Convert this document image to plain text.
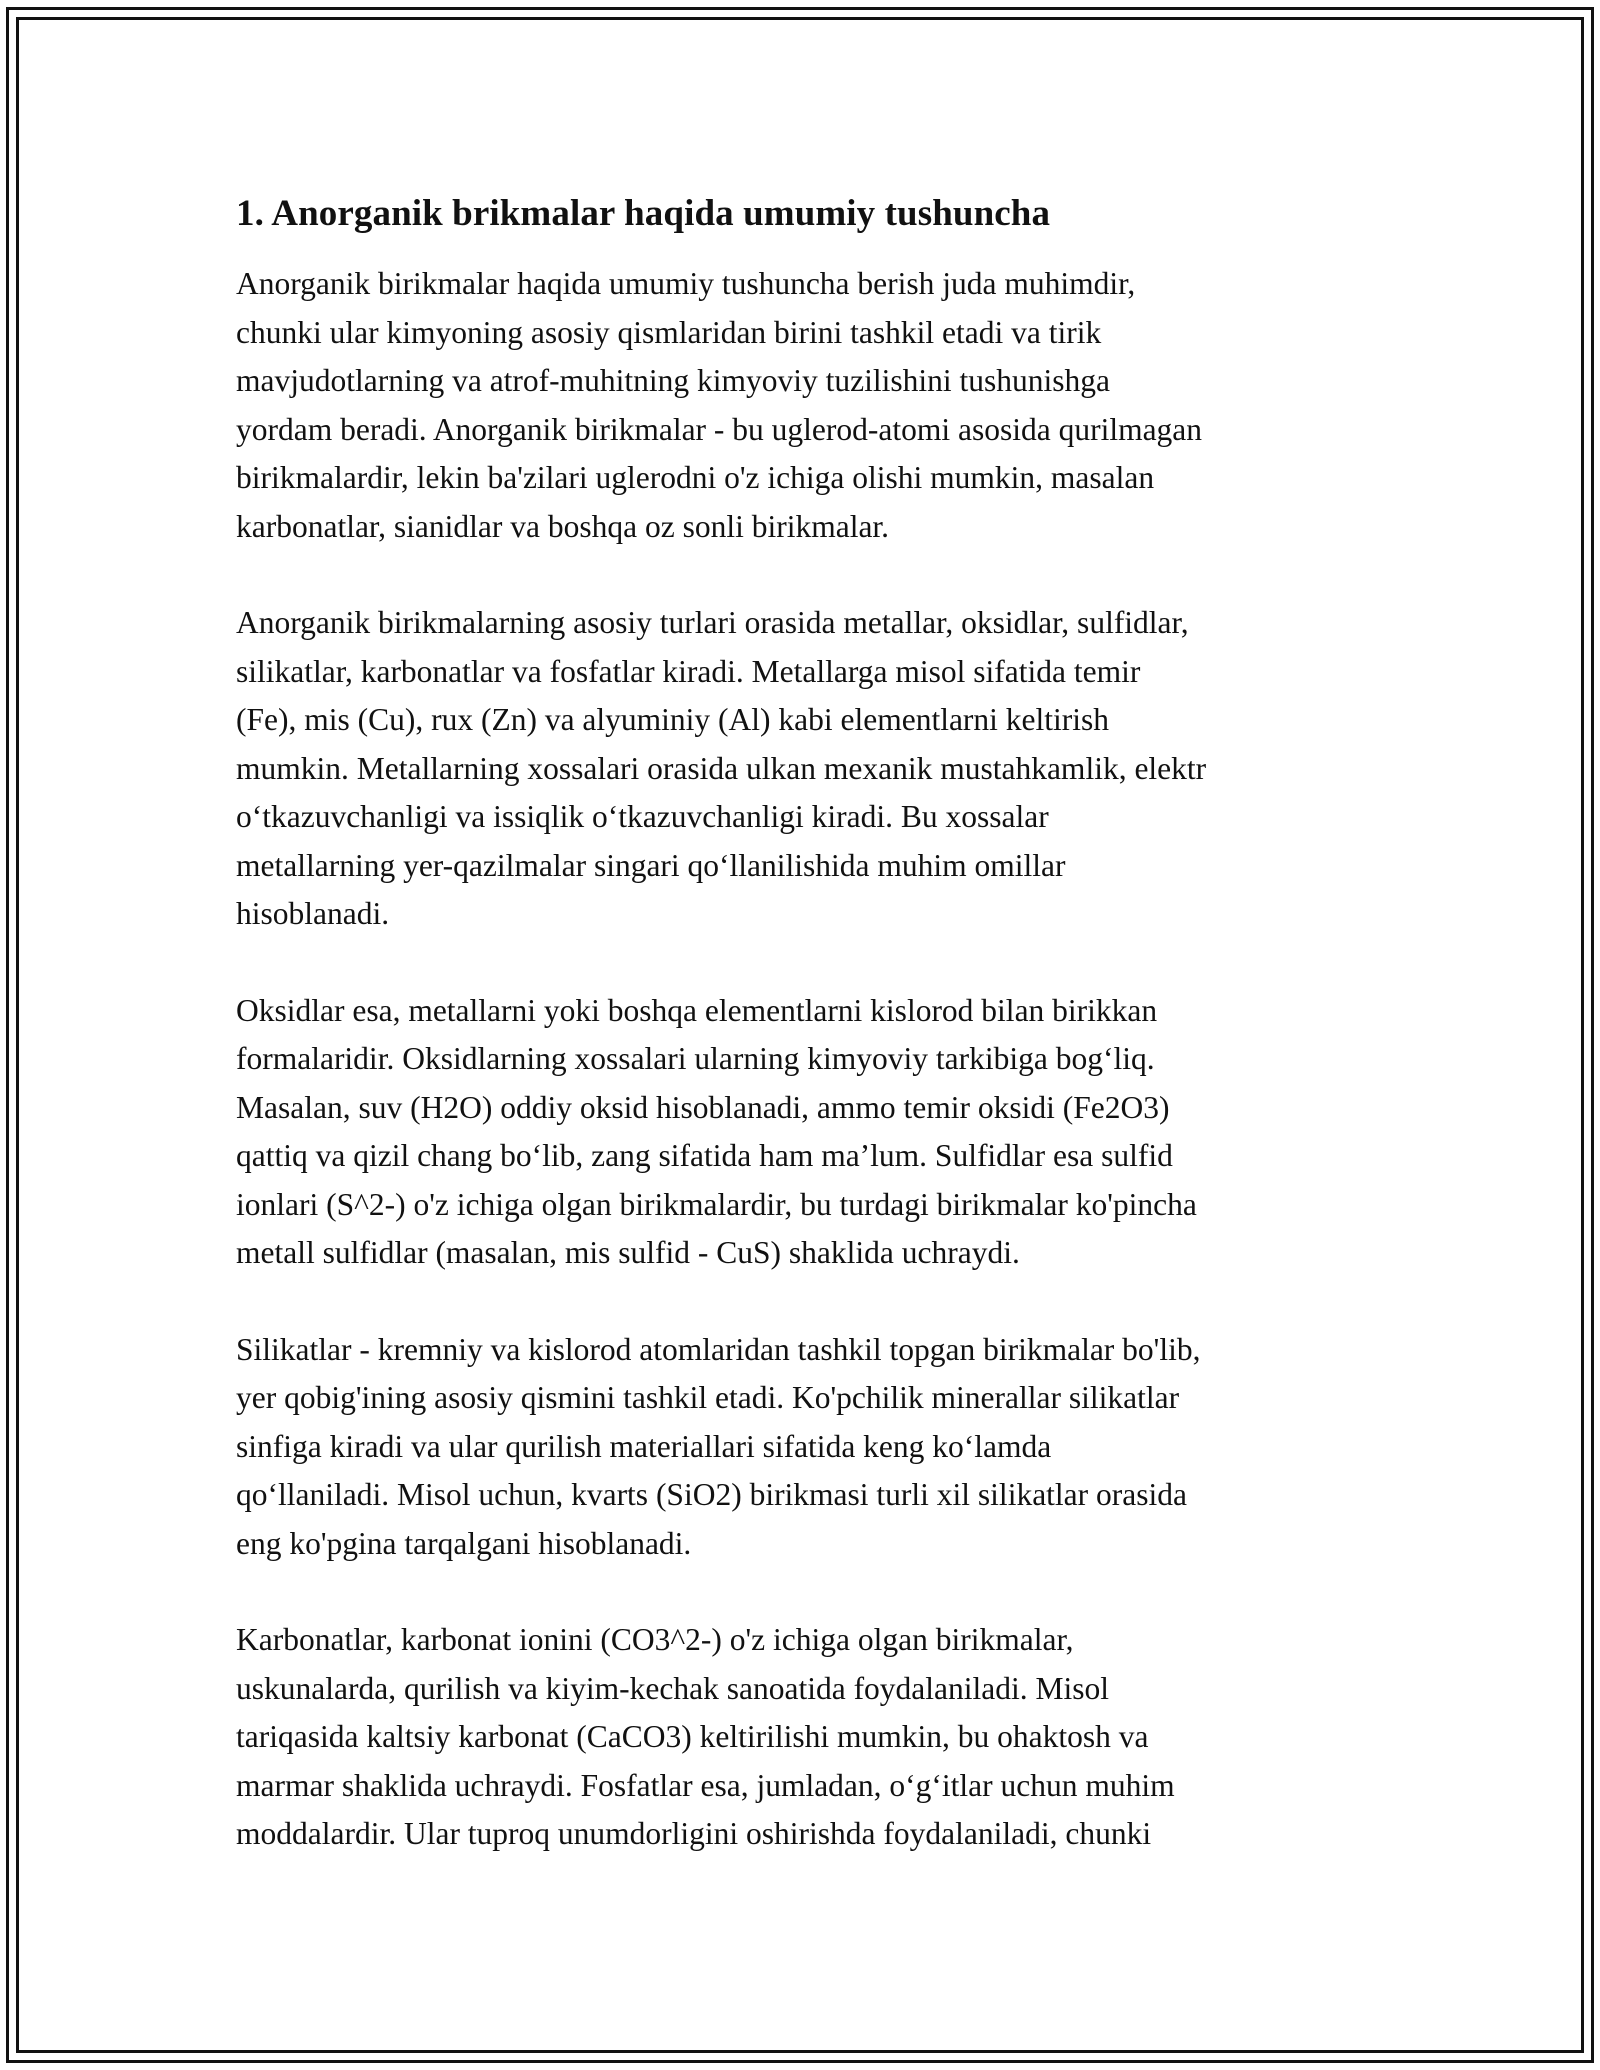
1. Anorganik brikmalar haqida umumiy tushuncha

Anorganik birikmalar haqida umumiy tushuncha berish juda muhimdir,
chunki ular kimyoning asosiy qismlaridan birini tashkil etadi va tirik
mavjudotlarning va atrof-muhitning kimyoviy tuzilishini tushunishga
yordam beradi. Anorganik birikmalar - bu uglerod-atomi asosida qurilmagan
birikmalardir, lekin ba'zilari uglerodni o'z ichiga olishi mumkin, masalan
karbonatlar, sianidlar va boshqa oz sonli birikmalar.

Anorganik birikmalarning asosiy turlari orasida metallar, oksidlar, sulfidlar,
silikatlar, karbonatlar va fosfatlar kiradi. Metallarga misol sifatida temir
(Fe), mis (Cu), rux (Zn) va alyuminiy (Al) kabi elementlarni keltirish
mumkin. Metallarning xossalari orasida ulkan mexanik mustahkamlik, elektr
o‘tkazuvchanligi va issiqlik o‘tkazuvchanligi kiradi. Bu xossalar
metallarning yer-qazilmalar singari qo‘llanilishida muhim omillar
hisoblanadi.

Oksidlar esa, metallarni yoki boshqa elementlarni kislorod bilan birikkan
formalaridir. Oksidlarning xossalari ularning kimyoviy tarkibiga bog‘liq.
Masalan, suv (H2O) oddiy oksid hisoblanadi, ammo temir oksidi (Fe2O3)
qattiq va qizil chang bo‘lib, zang sifatida ham ma’lum. Sulfidlar esa sulfid
ionlari (S^2-) o'z ichiga olgan birikmalardir, bu turdagi birikmalar ko'pincha
metall sulfidlar (masalan, mis sulfid - CuS) shaklida uchraydi.

Silikatlar - kremniy va kislorod atomlaridan tashkil topgan birikmalar bo'lib,
yer qobig'ining asosiy qismini tashkil etadi. Ko'pchilik minerallar silikatlar
sinfiga kiradi va ular qurilish materiallari sifatida keng ko‘lamda
qo‘llaniladi. Misol uchun, kvarts (SiO2) birikmasi turli xil silikatlar orasida
eng ko'pgina tarqalgani hisoblanadi.

Karbonatlar, karbonat ionini (CO3^2-) o'z ichiga olgan birikmalar,
uskunalarda, qurilish va kiyim-kechak sanoatida foydalaniladi. Misol
tariqasida kaltsiy karbonat (CaCO3) keltirilishi mumkin, bu ohaktosh va
marmar shaklida uchraydi. Fosfatlar esa, jumladan, o‘g‘itlar uchun muhim
moddalardir. Ular tuproq unumdorligini oshirishda foydalaniladi, chunki
